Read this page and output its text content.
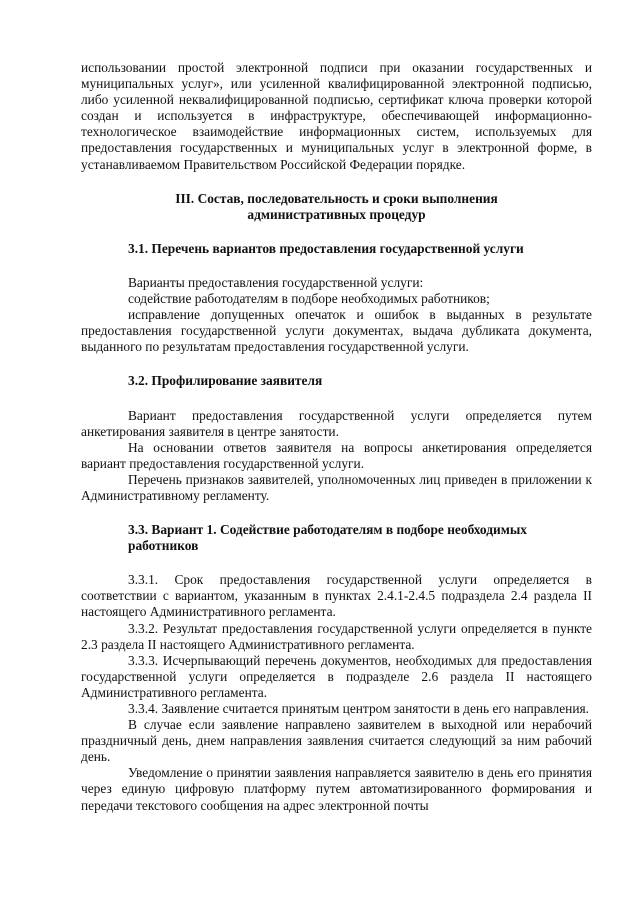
использовании простой электронной подписи при оказании государственных и муниципальных услуг», или усиленной квалифицированной электронной подписью, либо усиленной неквалифицированной подписью, сертификат ключа проверки которой создан и используется в инфраструктуре, обеспечивающей информационно-технологическое взаимодействие информационных систем, используемых для предоставления государственных и муниципальных услуг в электронной форме, в устанавливаемом Правительством Российской Федерации порядке.

III. Состав, последовательность и сроки выполнения
административных процедур
3.1. Перечень вариантов предоставления государственной услуги

Варианты предоставления государственной услуги:

содействие работодателям в подборе необходимых работников;

исправление допущенных опечаток и ошибок в выданных в результате предоставления государственной услуги документах, выдача дубликата документа, выданного по результатам предоставления государственной услуги.

3.2. Профилирование заявителя

Вариант предоставления государственной услуги определяется путем анкетирования заявителя в центре занятости.

На основании ответов заявителя на вопросы анкетирования определяется вариант предоставления государственной услуги.

Перечень признаков заявителей, уполномоченных лиц приведен в приложении к Административному регламенту.

3.3. Вариант 1. Содействие работодателям в подборе необходимых
работников

3.3.1. Срок предоставления государственной услуги определяется в соответствии с вариантом, указанным в пунктах 2.4.1-2.4.5 подраздела 2.4 раздела II настоящего Административного регламента.

3.3.2. Результат предоставления государственной услуги определяется в пункте 2.3 раздела II настоящего Административного регламента.

3.3.3. Исчерпывающий перечень документов, необходимых для предоставления государственной услуги определяется в подразделе 2.6 раздела II настоящего Административного регламента.

3.3.4. Заявление считается принятым центром занятости в день его направления.

В случае если заявление направлено заявителем в выходной или нерабочий праздничный день, днем направления заявления считается следующий за ним рабочий день.

Уведомление о принятии заявления направляется заявителю в день его принятия через единую цифровую платформу путем автоматизированного формирования и передачи текстового сообщения на адрес электронной почты
